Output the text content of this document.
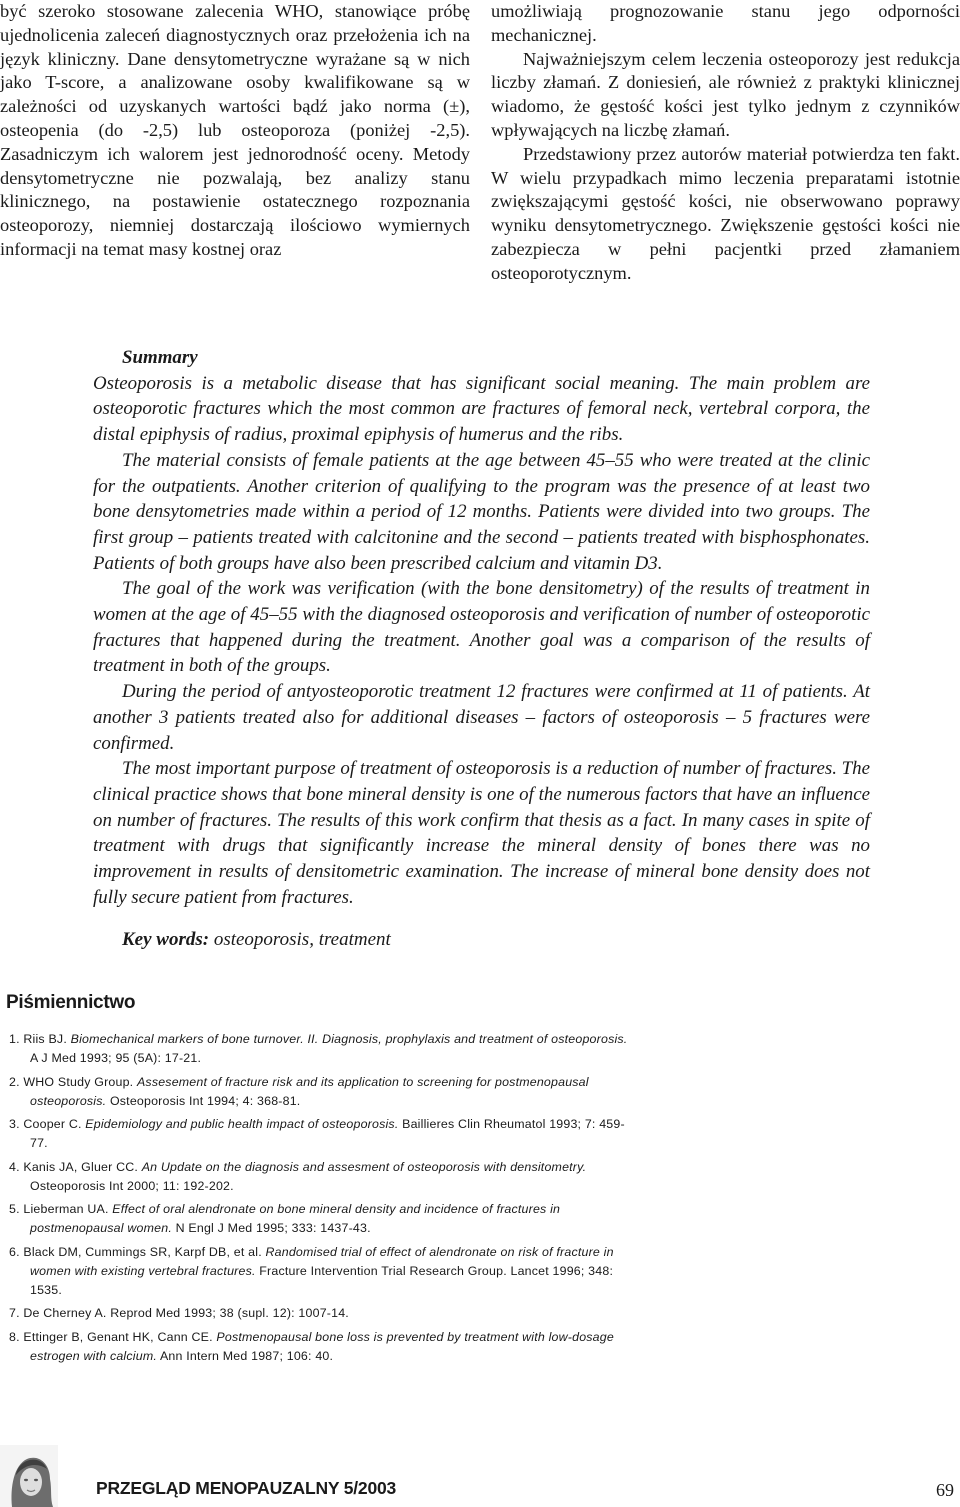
być szeroko stosowane zalecenia WHO, stanowiące próbę ujednolicenia zaleceń diagnostycznych oraz przełożenia ich na język kliniczny. Dane densytometryczne wyrażane są w nich jako T-score, a analizowane osoby kwalifikowane są w zależności od uzyskanych wartości bądź jako norma (±), osteopenia (do -2,5) lub osteoporoza (poniżej -2,5). Zasadniczym ich walorem jest jednorodność oceny. Metody densytometryczne nie pozwalają, bez analizy stanu klinicznego, na postawienie ostatecznego rozpoznania osteoporozy, niemniej dostarczają ilościowo wymiernych informacji na temat masy kostnej oraz

umożliwiają prognozowanie stanu jego odporności mechanicznej.

Najważniejszym celem leczenia osteoporozy jest redukcja liczby złamań. Z doniesień, ale również z praktyki klinicznej wiadomo, że gęstość kości jest tylko jednym z czynników wpływających na liczbę złamań.

Przedstawiony przez autorów materiał potwierdza ten fakt. W wielu przypadkach mimo leczenia preparatami istotnie zwiększającymi gęstość kości, nie obserwowano poprawy wyniku densytometrycznego. Zwiększenie gęstości kości nie zabezpiecza w pełni pacjentki przed złamaniem osteoporotycznym.

Summary

Osteoporosis is a metabolic disease that has significant social meaning. The main problem are osteoporotic fractures which the most common are fractures of femoral neck, vertebral corpora, the distal epiphysis of radius, proximal epiphysis of humerus and the ribs.

The material consists of female patients at the age between 45–55 who were treated at the clinic for the outpatients. Another criterion of qualifying to the program was the presence of at least two bone densytometries made within a period of 12 months. Patients were divided into two groups. The first group – patients treated with calcitonine and the second – patients treated with bisphosphonates. Patients of both groups have also been prescribed calcium and vitamin D3.

The goal of the work was verification (with the bone densitometry) of the results of treatment in women at the age of 45–55 with the diagnosed osteoporosis and verification of number of osteoporotic fractures that happened during the treatment. Another goal was a comparison of the results of treatment in both of the groups.

During the period of antyosteoporotic treatment 12 fractures were confirmed at 11 of patients. At another 3 patients treated also for additional diseases – factors of osteoporosis – 5 fractures were confirmed.

The most important purpose of treatment of osteoporosis is a reduction of number of fractures. The clinical practice shows that bone mineral density is one of the numerous factors that have an influence on number of fractures. The results of this work confirm that thesis as a fact. In many cases in spite of treatment with drugs that significantly increase the mineral density of bones there was no improvement in results of densitometric examination. The increase of mineral bone density does not fully secure patient from fractures.

Key words: osteoporosis, treatment
Piśmiennictwo
1. Riis BJ. Biomechanical markers of bone turnover. II. Diagnosis, prophylaxis and treatment of osteoporosis. A J Med 1993; 95 (5A): 17-21.
2. WHO Study Group. Assesement of fracture risk and its application to screening for postmenopausal osteoporosis. Osteoporosis Int 1994; 4: 368-81.
3. Cooper C. Epidemiology and public health impact of osteoporosis. Baillieres Clin Rheumatol 1993; 7: 459-77.
4. Kanis JA, Gluer CC. An Update on the diagnosis and assesment of osteoporosis with densitometry. Osteoporosis Int 2000; 11: 192-202.
5. Lieberman UA. Effect of oral alendronate on bone mineral density and incidence of fractures in postmenopausal women. N Engl J Med 1995; 333: 1437-43.
6. Black DM, Cummings SR, Karpf DB, et al. Randomised trial of effect of alendronate on risk of fracture in women with existing vertebral fractures. Fracture Intervention Trial Research Group. Lancet 1996; 348: 1535.
7. De Cherney A. Reprod Med 1993; 38 (supl. 12): 1007-14.
8. Ettinger B, Genant HK, Cann CE. Postmenopausal bone loss is prevented by treatment with low-dosage estrogen with calcium. Ann Intern Med 1987; 106: 40.
PRZEGLĄD MENOPAUZALNY 5/2003	69
